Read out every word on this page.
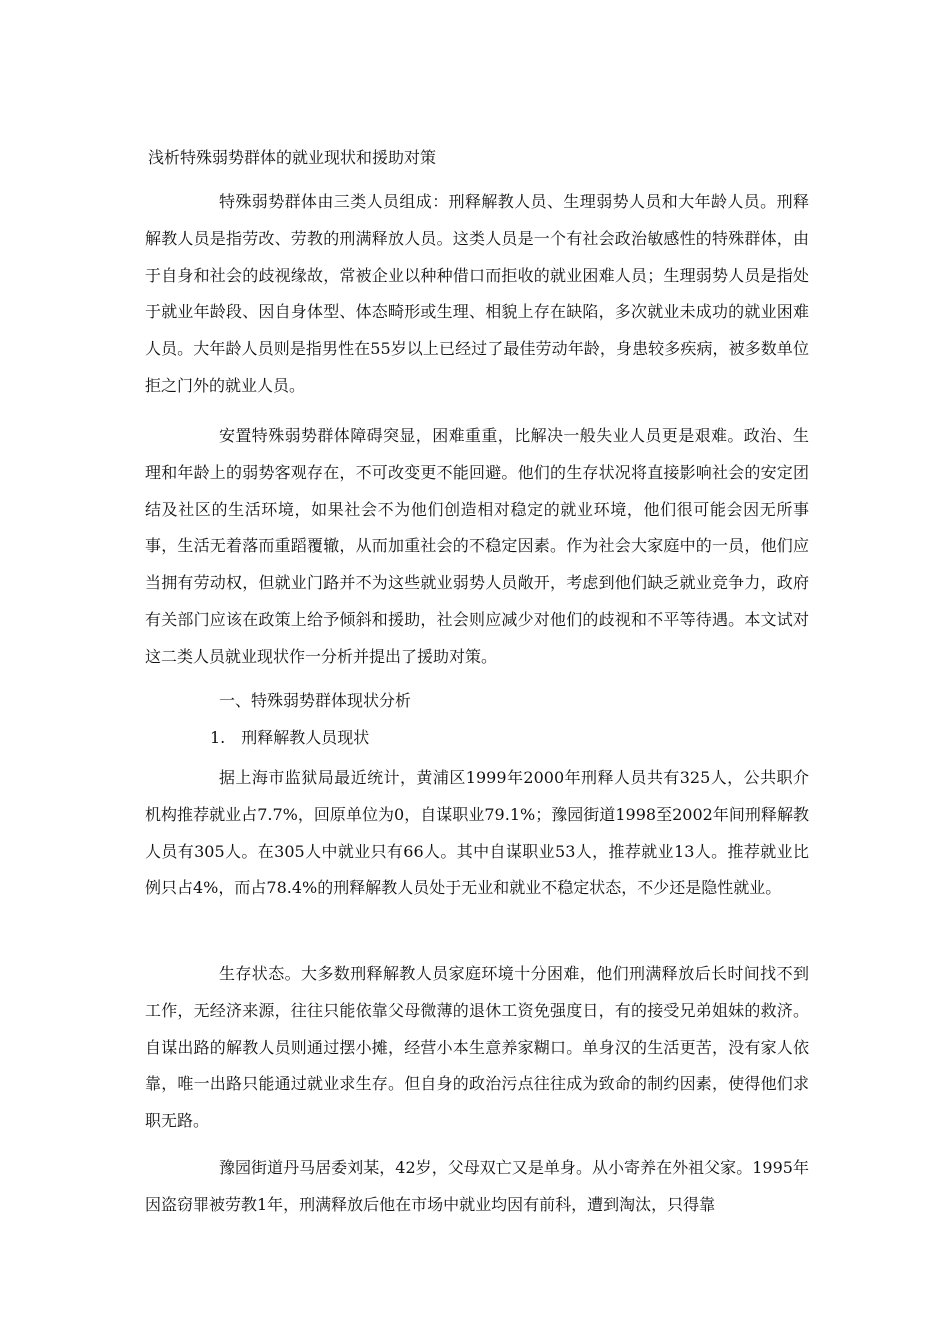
浅析特殊弱势群体的就业现状和援助对策

特殊弱势群体由三类人员组成：刑释解教人员、生理弱势人员和大年龄人员。刑释解教人员是指劳改、劳教的刑满释放人员。这类人员是一个有社会政治敏感性的特殊群体，由于自身和社会的歧视缘故，常被企业以种种借口而拒收的就业困难人员；生理弱势人员是指处于就业年龄段、因自身体型、体态畸形或生理、相貌上存在缺陷，多次就业未成功的就业困难人员。大年龄人员则是指男性在55岁以上已经过了最佳劳动年龄，身患较多疾病，被多数单位拒之门外的就业人员。

安置特殊弱势群体障碍突显，困难重重，比解决一般失业人员更是艰难。政治、生理和年龄上的弱势客观存在，不可改变更不能回避。他们的生存状况将直接影响社会的安定团结及社区的生活环境，如果社会不为他们创造相对稳定的就业环境，他们很可能会因无所事事，生活无着落而重蹈覆辙，从而加重社会的不稳定因素。作为社会大家庭中的一员，他们应当拥有劳动权，但就业门路并不为这些就业弱势人员敞开，考虑到他们缺乏就业竞争力，政府有关部门应该在政策上给予倾斜和援助，社会则应减少对他们的歧视和不平等待遇。本文试对这二类人员就业现状作一分析并提出了援助对策。

一、特殊弱势群体现状分析
1.　刑释解教人员现状

据上海市监狱局最近统计，黄浦区1999年2000年刑释人员共有325人，公共职介机构推荐就业占7.7%，回原单位为0，自谋职业79.1%；豫园街道1998至2002年间刑释解教人员有305人。在305人中就业只有66人。其中自谋职业53人，推荐就业13人。推荐就业比例只占4%，而占78.4%的刑释解教人员处于无业和就业不稳定状态，不少还是隐性就业。

生存状态。大多数刑释解教人员家庭环境十分困难，他们刑满释放后长时间找不到工作，无经济来源，往往只能依靠父母微薄的退休工资免强度日，有的接受兄弟姐妹的救济。自谋出路的解教人员则通过摆小摊，经营小本生意养家糊口。单身汉的生活更苦，没有家人依靠，唯一出路只能通过就业求生存。但自身的政治污点往往成为致命的制约因素，使得他们求职无路。

豫园街道丹马居委刘某，42岁，父母双亡又是单身。从小寄养在外祖父家。1995年因盗窃罪被劳教1年，刑满释放后他在市场中就业均因有前科，遭到淘汰，只得靠
